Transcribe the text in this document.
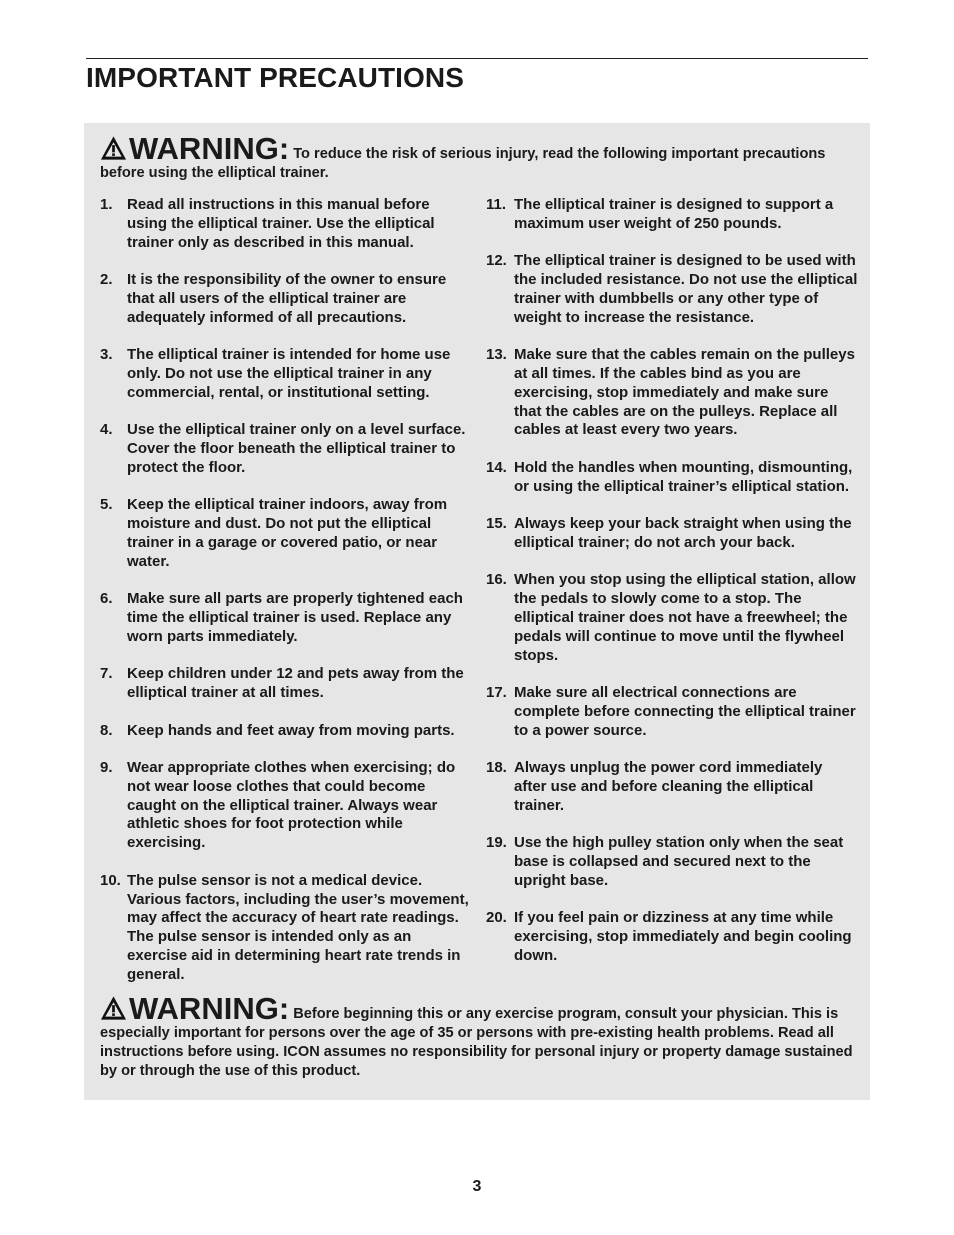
IMPORTANT PRECAUTIONS
WARNING: To reduce the risk of serious injury, read the following important precautions before using the elliptical trainer.
1. Read all instructions in this manual before using the elliptical trainer. Use the elliptical trainer only as described in this manual.
2. It is the responsibility of the owner to ensure that all users of the elliptical trainer are adequately informed of all precautions.
3. The elliptical trainer is intended for home use only. Do not use the elliptical trainer in any commercial, rental, or institutional setting.
4. Use the elliptical trainer only on a level surface. Cover the floor beneath the elliptical trainer to protect the floor.
5. Keep the elliptical trainer indoors, away from moisture and dust. Do not put the elliptical trainer in a garage or covered patio, or near water.
6. Make sure all parts are properly tightened each time the elliptical trainer is used. Replace any worn parts immediately.
7. Keep children under 12 and pets away from the elliptical trainer at all times.
8. Keep hands and feet away from moving parts.
9. Wear appropriate clothes when exercising; do not wear loose clothes that could become caught on the elliptical trainer. Always wear athletic shoes for foot protection while exercising.
10. The pulse sensor is not a medical device. Various factors, including the user’s movement, may affect the accuracy of heart rate readings. The pulse sensor is intended only as an exercise aid in determining heart rate trends in general.
11. The elliptical trainer is designed to support a maximum user weight of 250 pounds.
12. The elliptical trainer is designed to be used with the included resistance. Do not use the elliptical trainer with dumbbells or any other type of weight to increase the resistance.
13. Make sure that the cables remain on the pulleys at all times. If the cables bind as you are exercising, stop immediately and make sure that the cables are on the pulleys. Replace all cables at least every two years.
14. Hold the handles when mounting, dismounting, or using the elliptical trainer’s elliptical station.
15. Always keep your back straight when using the elliptical trainer; do not arch your back.
16. When you stop using the elliptical station, allow the pedals to slowly come to a stop. The elliptical trainer does not have a freewheel; the pedals will continue to move until the flywheel stops.
17. Make sure all electrical connections are complete before connecting the elliptical trainer to a power source.
18. Always unplug the power cord immediately after use and before cleaning the elliptical trainer.
19. Use the high pulley station only when the seat base is collapsed and secured next to the upright base.
20. If you feel pain or dizziness at any time while exercising, stop immediately and begin cooling down.
WARNING: Before beginning this or any exercise program, consult your physician. This is especially important for persons over the age of 35 or persons with pre-existing health problems. Read all instructions before using. ICON assumes no responsibility for personal injury or property damage sustained by or through the use of this product.
3
